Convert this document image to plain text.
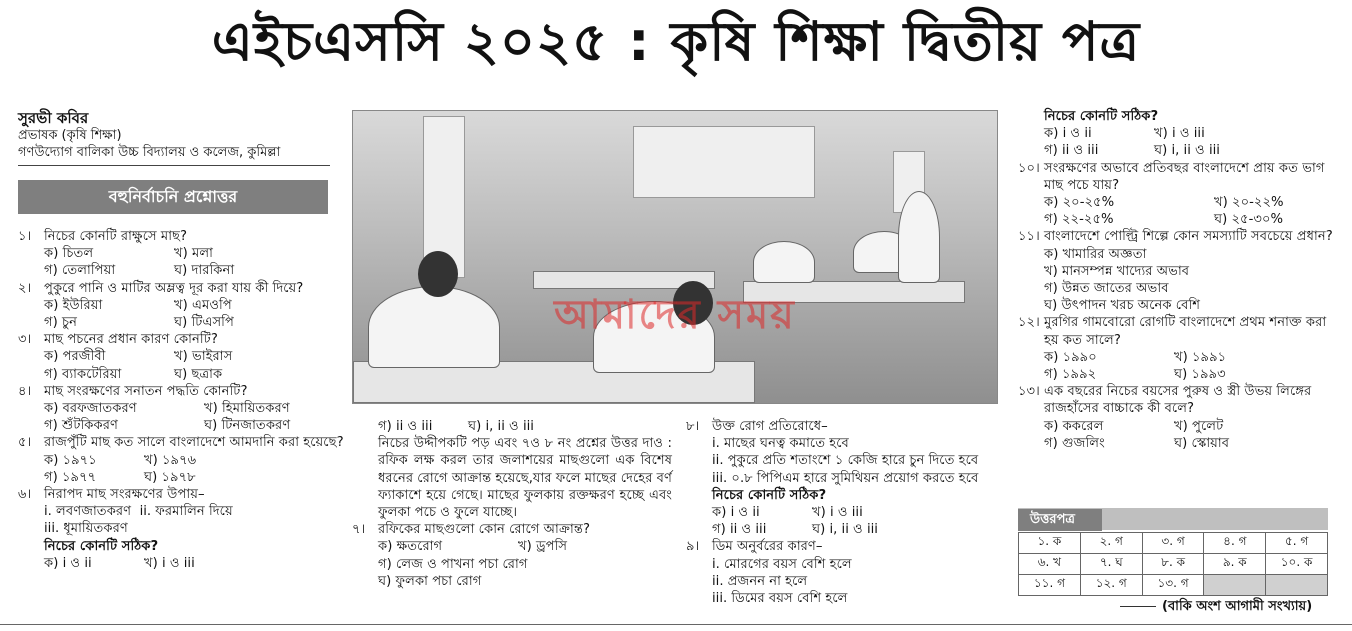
এইচএসসি ২০২৫ : কৃষি শিক্ষা দ্বিতীয় পত্র
সুরভী কবির
প্রভাষক (কৃষি শিক্ষা)
গণউদ্যোগ বালিকা উচ্চ বিদ্যালয় ও কলেজ, কুমিল্লা
বহুনির্বাচনি প্রশ্নোত্তর
১। নিচের কোনটি রাক্ষুসে মাছ?
ক) চিতল	খ) মলা
গ) তেলাপিয়া	ঘ) দারকিনা
২। পুকুরে পানি ও মাটির অম্লত্ব দূর করা যায় কী দিয়ে?
ক) ইউরিয়া	খ) এমওপি
গ) চুন	ঘ) টিএসপি
৩। মাছ পচনের প্রধান কারণ কোনটি?
ক) পরজীবী	খ) ভাইরাস
গ) ব্যাকটেরিয়া	ঘ) ছত্রাক
৪। মাছ সংরক্ষণের সনাতন পদ্ধতি কোনটি?
ক) বরফজাতকরণ	খ) হিমায়িতকরণ
গ) শুঁটকিকরণ	ঘ) টিনজাতকরণ
৫। রাজপুঁটি মাছ কত সালে বাংলাদেশে আমদানি করা হয়েছে?
ক) ১৯৭১	খ) ১৯৭৬
গ) ১৯৭৭	ঘ) ১৯৭৮
৬। নিরাপদ মাছ সংরক্ষণের উপায়–
i. লবণজাতকরণ ii. ফরমালিন দিয়ে
iii. ধূমায়িতকরণ
নিচের কোনটি সঠিক?
ক) i ও ii	খ) i ও iii
আমাদের সময়
গ) ii ও iii	ঘ) i, ii ও iii
নিচের উদ্দীপকটি পড় এবং ৭ও ৮ নং প্রশ্নের উত্তর দাও : রফিক লক্ষ করল তার জলাশয়ের মাছগুলো এক বিশেষ ধরনের রোগে আক্রান্ত হয়েছে,যার ফলে মাছের দেহের বর্ণ ফ্যাকাশে হয়ে গেছে। মাছের ফুলকায় রক্তক্ষরণ হচ্ছে এবং ফুলকা পচে ও ফুলে যাচ্ছে।
৭। রফিকের মাছগুলো কোন রোগে আক্রান্ত?
ক) ক্ষতরোগ	খ) ড্রপসি
গ) লেজ ও পাখনা পচা রোগ
ঘ) ফুলকা পচা রোগ
৮। উক্ত রোগ প্রতিরোধে–
i. মাছের ঘনত্ব কমাতে হবে
ii. পুকুরে প্রতি শতাংশে ১ কেজি হারে চুন দিতে হবে
iii. ০.৮ পিপিএম হারে সুমিথিয়ন প্রয়োগ করতে হবে
নিচের কোনটি সঠিক?
ক) i ও ii	খ) i ও iii
গ) ii ও iii	ঘ) i, ii ও iii
৯। ডিম অনুর্বরের কারণ–
i. মোরগের বয়স বেশি হলে
ii. প্রজনন না হলে
iii. ডিমের বয়স বেশি হলে
নিচের কোনটি সঠিক?
ক) i ও ii	খ) i ও iii
গ) ii ও iii	ঘ) i, ii ও iii
১০। সংরক্ষণের অভাবে প্রতিবছর বাংলাদেশে প্রায় কত ভাগ মাছ পচে যায়?
ক) ২০-২৫%	খ) ২০-২২%
গ) ২২-২৫%	ঘ) ২৫-৩০%
১১। বাংলাদেশে পোল্ট্রি শিল্পে কোন সমস্যাটি সবচেয়ে প্রধান?
ক) খামারির অজ্ঞতা
খ) মানসম্পন্ন খাদ্যের অভাব
গ) উন্নত জাতের অভাব
ঘ) উৎপাদন খরচ অনেক বেশি
১২। মুরগির গামবোরো রোগটি বাংলাদেশে প্রথম শনাক্ত করা হয় কত সালে?
ক) ১৯৯০	খ) ১৯৯১
গ) ১৯৯২	ঘ) ১৯৯৩
১৩। এক বছরের নিচের বয়সের পুরুষ ও স্ত্রী উভয় লিঙ্গের রাজহাঁসের বাচ্চাকে কী বলে?
ক) ককরেল	খ) পুলেট
গ) গুজলিং	ঘ) স্কোয়াব
উত্তরপত্র
১. ক	২. গ	৩. গ	৪. গ	৫. গ
৬. খ	৭. ঘ	৮. ক	৯. ক	১০. ক
১১. গ	১২. গ	১৩. গ		
(বাকি অংশ আগামী সংখ্যায়)
